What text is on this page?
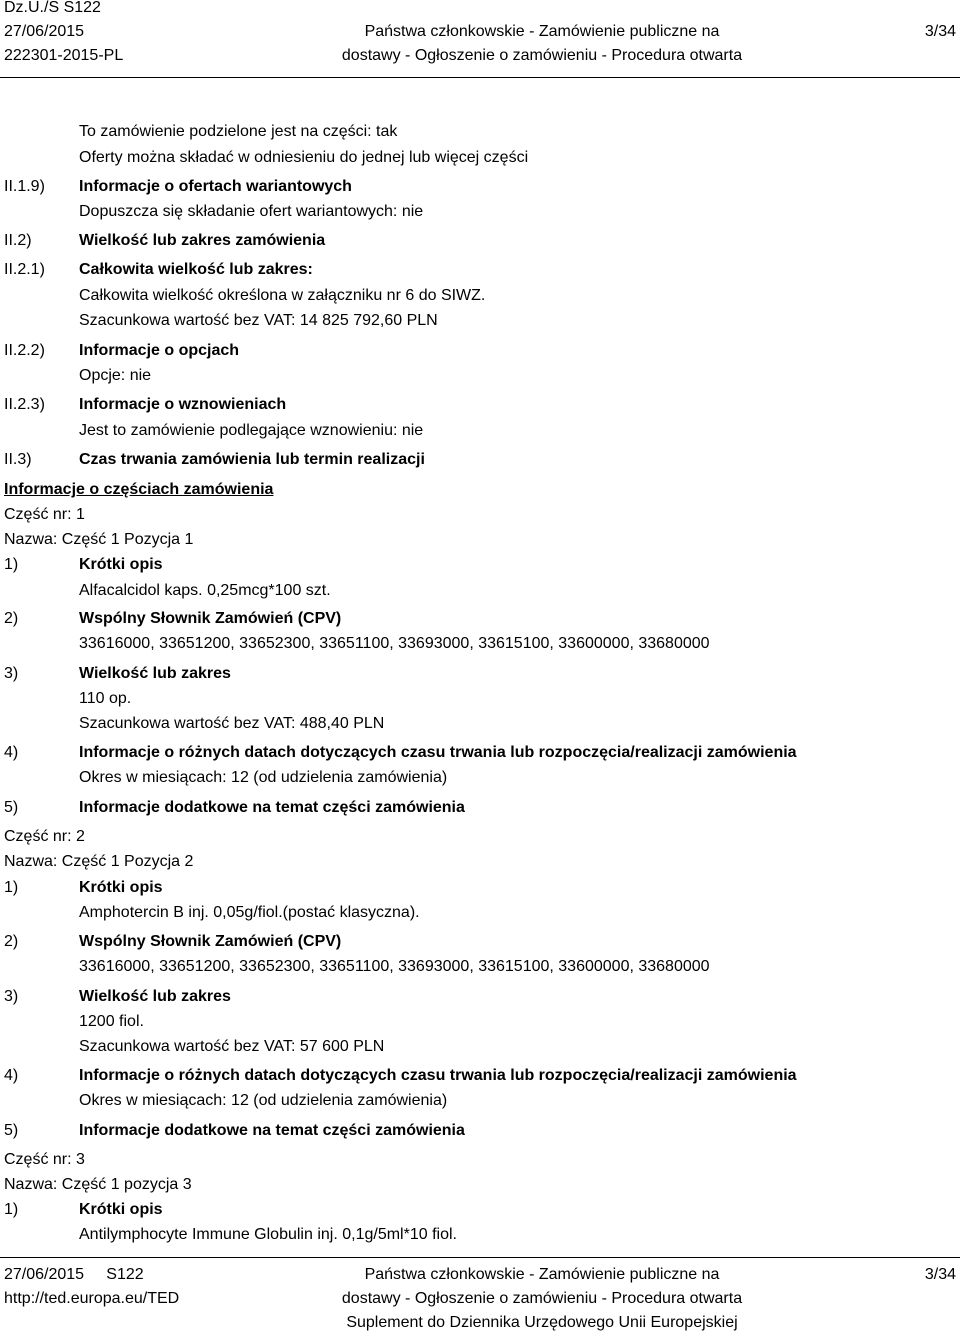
Dz.U./S S122
27/06/2015
222301-2015-PL
Państwa członkowskie - Zamówienie publiczne na
dostawy - Ogłoszenie o zamówieniu - Procedura otwarta
3/34
To zamówienie podzielone jest na części: tak
Oferty można składać w odniesieniu do jednej lub więcej części
II.1.9) Informacje o ofertach wariantowych
Dopuszcza się składanie ofert wariantowych: nie
II.2)	Wielkość lub zakres zamówienia
II.2.1) Całkowita wielkość lub zakres:
Całkowita wielkość określona w załączniku nr 6 do SIWZ.
Szacunkowa wartość bez VAT: 14 825 792,60 PLN
II.2.2) Informacje o opcjach
Opcje: nie
II.2.3) Informacje o wznowieniach
Jest to zamówienie podlegające wznowieniu: nie
II.3)	Czas trwania zamówienia lub termin realizacji
Informacje o częściach zamówienia
Część nr: 1
Nazwa: Część 1 Pozycja 1
1)	Krótki opis
Alfacalcidol kaps. 0,25mcg*100 szt.
2)	Wspólny Słownik Zamówień (CPV)
33616000, 33651200, 33652300, 33651100, 33693000, 33615100, 33600000, 33680000
3)	Wielkość lub zakres
110 op.
Szacunkowa wartość bez VAT: 488,40 PLN
4)	Informacje o różnych datach dotyczących czasu trwania lub rozpoczęcia/realizacji zamówienia
Okres w miesiącach: 12 (od udzielenia zamówienia)
5)	Informacje dodatkowe na temat części zamówienia
Część nr: 2
Nazwa: Część 1 Pozycja 2
1)	Krótki opis
Amphotercin B inj. 0,05g/fiol.(postać klasyczna).
2)	Wspólny Słownik Zamówień (CPV)
33616000, 33651200, 33652300, 33651100, 33693000, 33615100, 33600000, 33680000
3)	Wielkość lub zakres
1200 fiol.
Szacunkowa wartość bez VAT: 57 600 PLN
4)	Informacje o różnych datach dotyczących czasu trwania lub rozpoczęcia/realizacji zamówienia
Okres w miesiącach: 12 (od udzielenia zamówienia)
5)	Informacje dodatkowe na temat części zamówienia
Część nr: 3
Nazwa: Część 1 pozycja 3
1)	Krótki opis
Antilymphocyte Immune Globulin inj. 0,1g/5ml*10 fiol.
27/06/2015     S122
http://ted.europa.eu/TED
Państwa członkowskie - Zamówienie publiczne na
dostawy - Ogłoszenie o zamówieniu - Procedura otwarta
Suplement do Dziennika Urzędowego Unii Europejskiej
3/34
